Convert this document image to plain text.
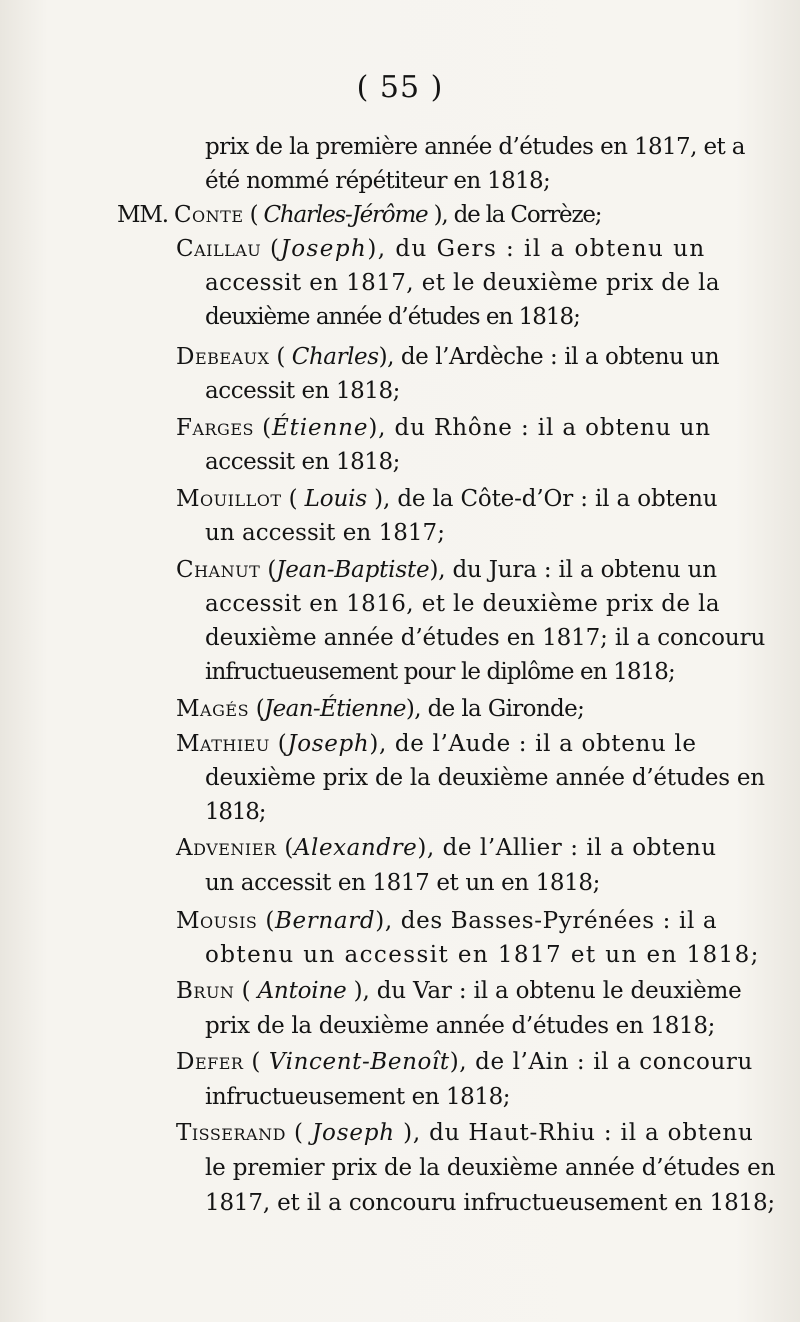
( 55 )
prix de la première année d’études en 1817, et a
été nommé répétiteur en 1818;
MM. Conte ( Charles-Jérôme ), de la Corrèze;
Caillau (Joseph), du Gers : il a obtenu un
accessit en 1817, et le deuxième prix de la
deuxième année d’études en 1818;
Debeaux ( Charles), de l’Ardèche : il a obtenu un
accessit en 1818;
Farges (Étienne), du Rhône : il a obtenu un
accessit en 1818;
Mouillot ( Louis ), de la Côte-d’Or : il a obtenu
un accessit en 1817;
Chanut (Jean-Baptiste), du Jura : il a obtenu un
accessit en 1816, et le deuxième prix de la
deuxième année d’études en 1817; il a concouru
infructueusement pour le diplôme en 1818;
Magés (Jean-Étienne), de la Gironde;
Mathieu (Joseph), de l’Aude : il a obtenu le
deuxième prix de la deuxième année d’études en
1818;
Advenier (Alexandre), de l’Allier : il a obtenu
un accessit en 1817 et un en 1818;
Mousis (Bernard), des Basses-Pyrénées : il a
obtenu un accessit en 1817 et un en 1818;
Brun ( Antoine ), du Var : il a obtenu le deuxième
prix de la deuxième année d’études en 1818;
Defer ( Vincent-Benoît), de l’Ain : il a concouru
infructueusement en 1818;
Tisserand ( Joseph ), du Haut-Rhiu : il a obtenu
le premier prix de la deuxième année d’études en
1817, et il a concouru infructueusement en 1818;
